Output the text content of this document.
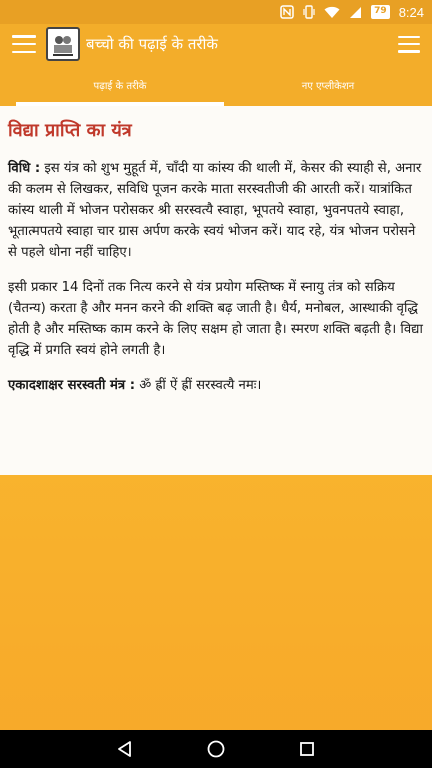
79 8:24
बच्चो की पढ़ाई के तरीके
पढ़ाई के तरीके	नए एप्लीकेशन
विद्या प्राप्ति का यंत्र

विधि : इस यंत्र को शुभ मुहूर्त में, चाँदी या कांस्य की थाली में, केसर की स्याही से, अनार की कलम से लिखकर, सविधि पूजन करके माता सरस्वतीजी की आरती करें। यात्रांकित कांस्य थाली में भोजन परोसकर श्री सरस्वत्यै स्वाहा, भूपतये स्वाहा, भुवनपतये स्वाहा, भूतात्मपतये स्वाहा चार ग्रास अर्पण करके स्वयं भोजन करें। याद रहे, यंत्र भोजन परोसने से पहले धोना नहीं चाहिए।

इसी प्रकार 14 दिनों तक नित्य करने से यंत्र प्रयोग मस्तिष्क में स्नायु तंत्र को सक्रिय (चैतन्य) करता है और मनन करने की शक्ति बढ़ जाती है। धैर्य, मनोबल, आस्थाकी वृद्धि होती है और मस्तिष्क काम करने के लिए सक्षम हो जाता है। स्मरण शक्ति बढ़ती है। विद्या वृद्धि में प्रगति स्वयं होने लगती है।

एकादशाक्षर सरस्वती मंत्र : ॐ ह्रीं ऐं ह्रीं सरस्वत्यै नमः।
